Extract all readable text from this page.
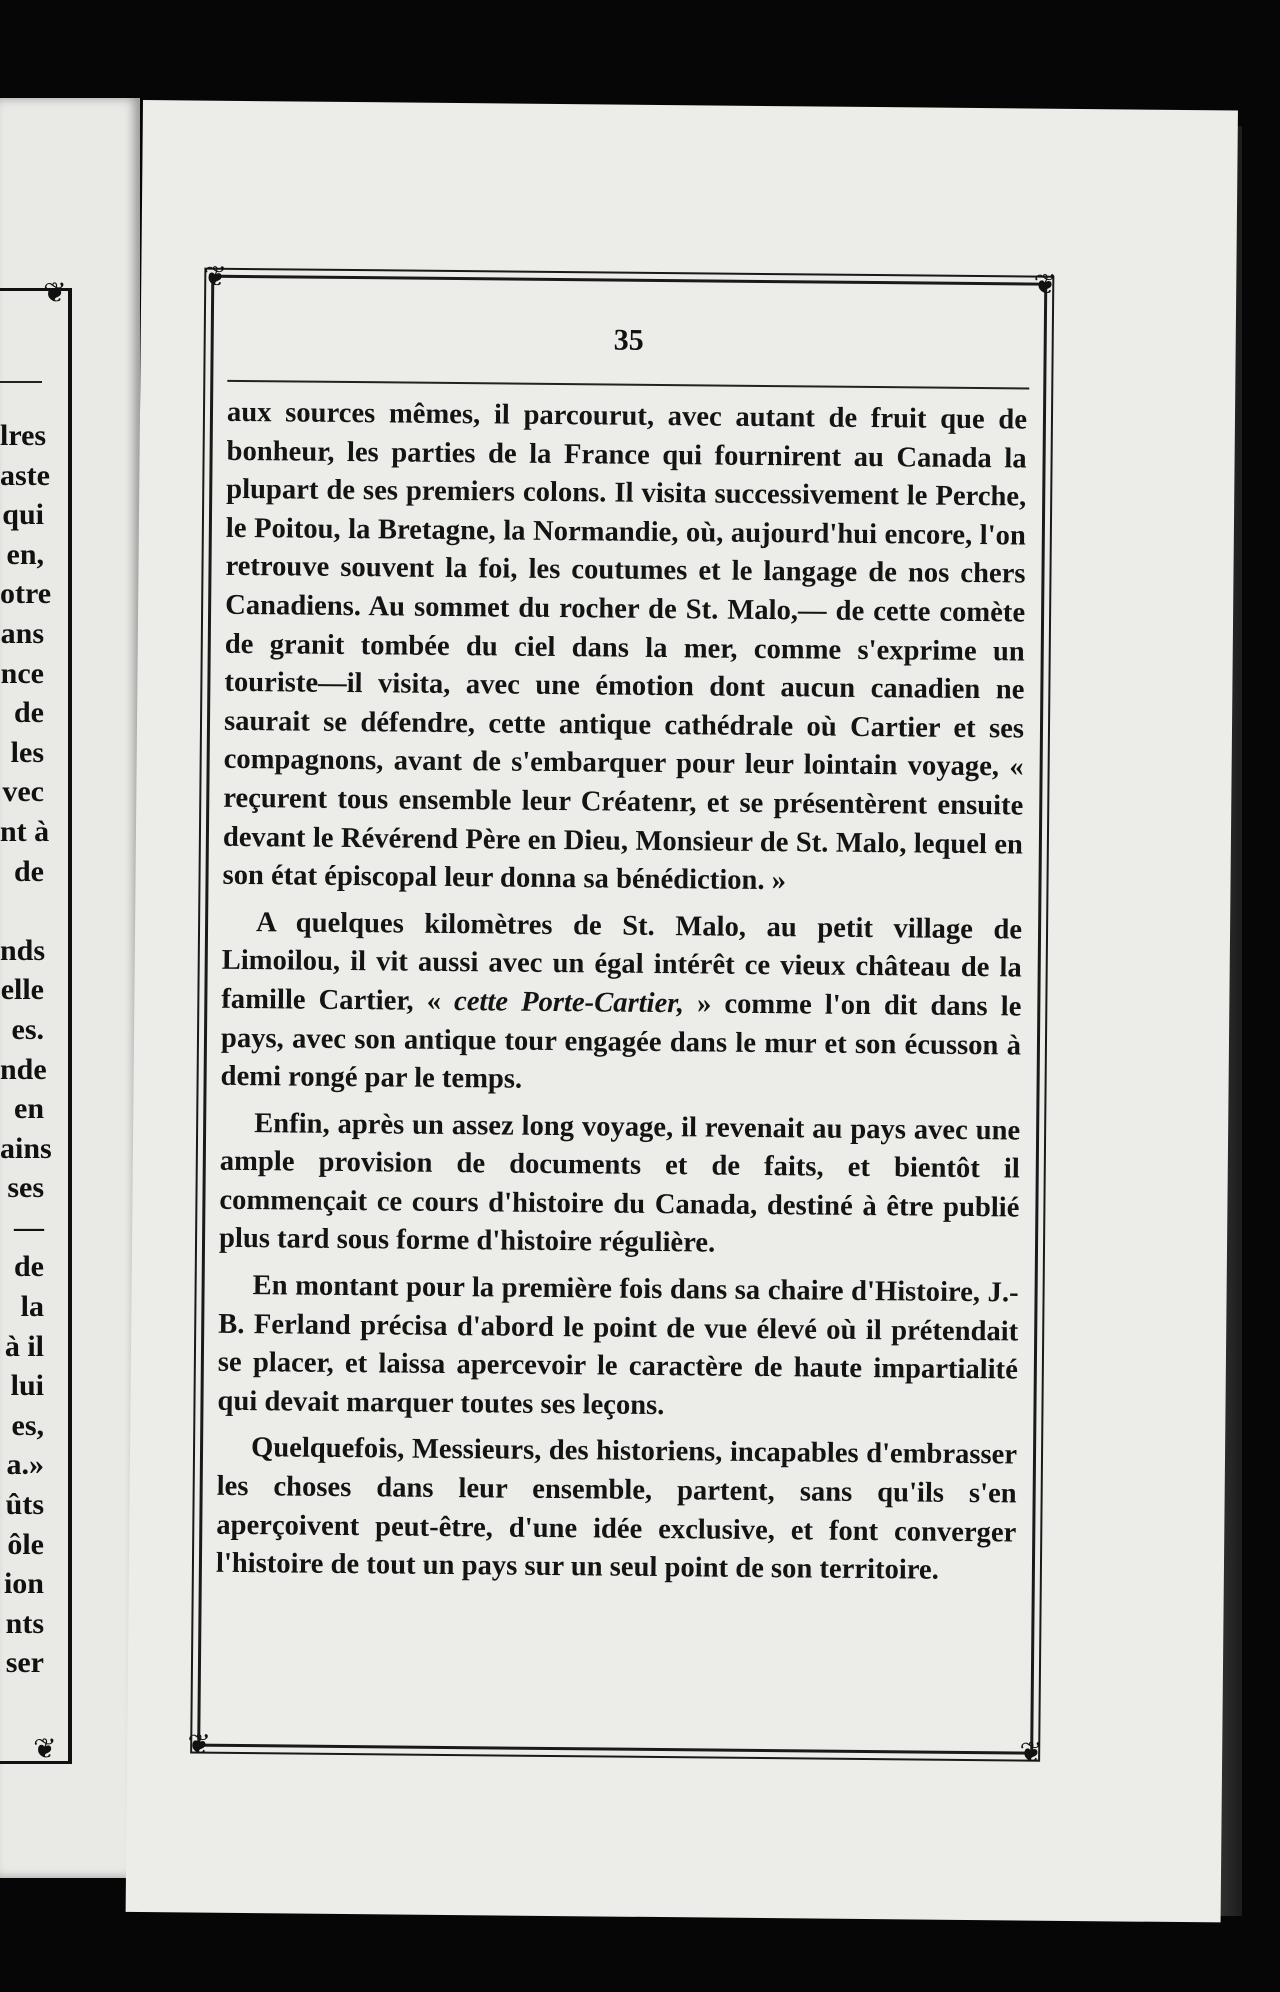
❦
❦
lres
aste
qui
en,
otre
ans
nce
de
les
vec
nt à
de
nds
elle
es.
nde
en
ains
ses
—
de
la
à il
lui
es,
a.»
ûts
ôle
ion
nts
ser
❦	❦
❦	❦
35

aux sources mêmes, il parcourut, avec autant de fruit que de bonheur, les parties de la France qui fournirent au Canada la plupart de ses premiers colons. Il visita successivement le Perche, le Poitou, la Bretagne, la Normandie, où, aujourd'hui encore, l'on retrouve souvent la foi, les coutumes et le langage de nos chers Canadiens. Au sommet du rocher de St. Malo,— de cette comète de granit tombée du ciel dans la mer, comme s'exprime un touriste—il visita, avec une émotion dont aucun canadien ne saurait se défendre, cette antique cathédrale où Cartier et ses compagnons, avant de s'embarquer pour leur lointain voyage, « reçurent tous ensemble leur Créatenr, et se présentèrent ensuite devant le Révérend Père en Dieu, Monsieur de St. Malo, lequel en son état épiscopal leur donna sa bénédiction. »

A quelques kilomètres de St. Malo, au petit village de Limoilou, il vit aussi avec un égal intérêt ce vieux château de la famille Cartier, « cette Porte-Cartier, » comme l'on dit dans le pays, avec son antique tour engagée dans le mur et son écusson à demi rongé par le temps.

Enfin, après un assez long voyage, il revenait au pays avec une ample provision de documents et de faits, et bientôt il commençait ce cours d'histoire du Canada, destiné à être publié plus tard sous forme d'histoire régulière.

En montant pour la première fois dans sa chaire d'Histoire, J.-B. Ferland précisa d'abord le point de vue élevé où il prétendait se placer, et laissa apercevoir le caractère de haute impartialité qui devait marquer toutes ses leçons.

Quelquefois, Messieurs, des historiens, incapables d'embrasser les choses dans leur ensemble, partent, sans qu'ils s'en aperçoivent peut-être, d'une idée exclusive, et font converger l'histoire de tout un pays sur un seul point de son territoire.
